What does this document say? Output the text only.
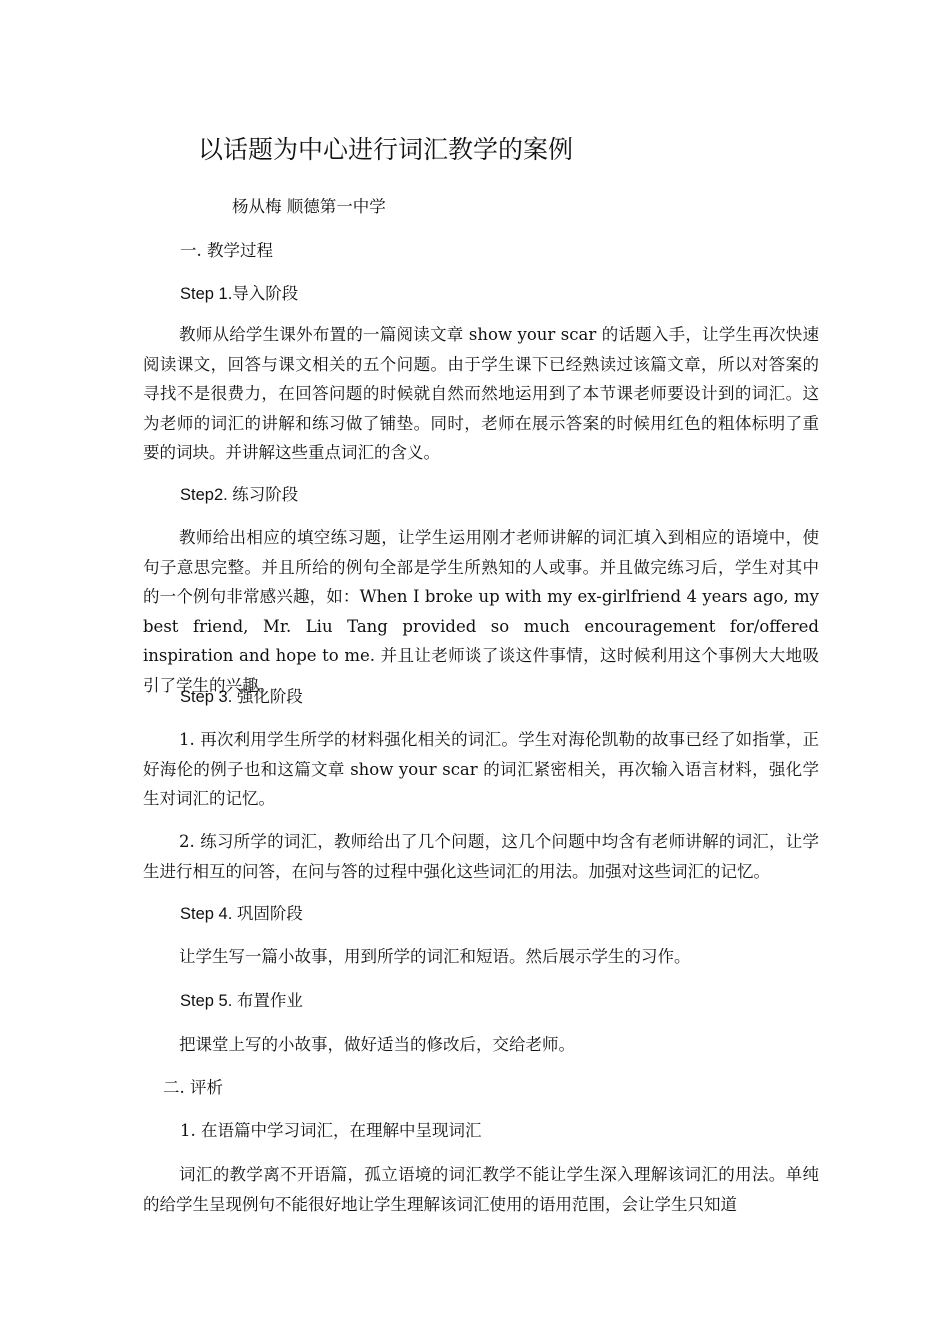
以话题为中心进行词汇教学的案例
杨从梅 顺德第一中学
一. 教学过程
Step 1.导入阶段
教师从给学生课外布置的一篇阅读文章 show your scar 的话题入手，让学生再次快速阅读课文，回答与课文相关的五个问题。由于学生课下已经熟读过该篇文章，所以对答案的寻找不是很费力，在回答问题的时候就自然而然地运用到了本节课老师要设计到的词汇。这为老师的词汇的讲解和练习做了铺垫。同时，老师在展示答案的时候用红色的粗体标明了重要的词块。并讲解这些重点词汇的含义。
Step2. 练习阶段
教师给出相应的填空练习题，让学生运用刚才老师讲解的词汇填入到相应的语境中，使句子意思完整。并且所给的例句全部是学生所熟知的人或事。并且做完练习后，学生对其中的一个例句非常感兴趣，如：When I broke up with my ex-girlfriend 4 years ago, my best friend, Mr. Liu Tang provided so much encouragement for/offered inspiration and hope to me. 并且让老师谈了谈这件事情，这时候利用这个事例大大地吸引了学生的兴趣。
Step 3. 强化阶段
1. 再次利用学生所学的材料强化相关的词汇。学生对海伦凯勒的故事已经了如指掌，正好海伦的例子也和这篇文章 show your scar 的词汇紧密相关，再次输入语言材料，强化学生对词汇的记忆。
2. 练习所学的词汇，教师给出了几个问题，这几个问题中均含有老师讲解的词汇，让学生进行相互的问答，在问与答的过程中强化这些词汇的用法。加强对这些词汇的记忆。
Step 4. 巩固阶段
让学生写一篇小故事，用到所学的词汇和短语。然后展示学生的习作。
Step 5. 布置作业
把课堂上写的小故事，做好适当的修改后，交给老师。
二. 评析
1. 在语篇中学习词汇，在理解中呈现词汇
词汇的教学离不开语篇，孤立语境的词汇教学不能让学生深入理解该词汇的用法。单纯的给学生呈现例句不能很好地让学生理解该词汇使用的语用范围，会让学生只知道
